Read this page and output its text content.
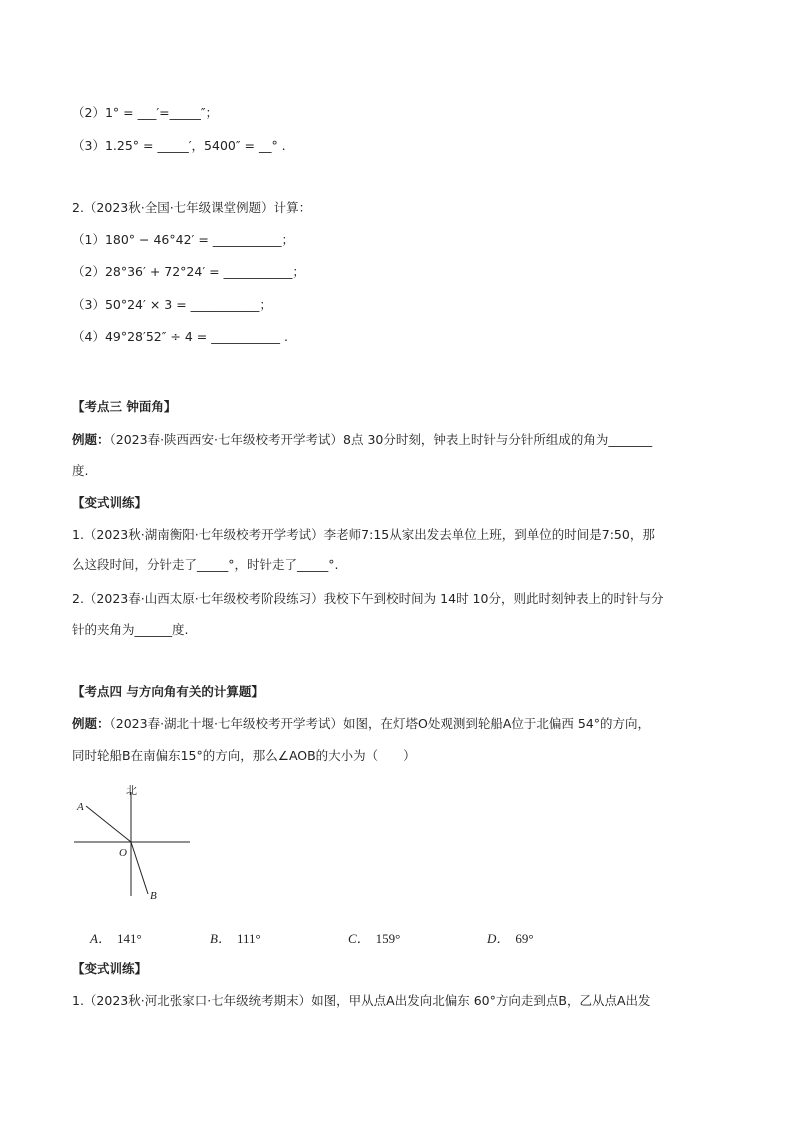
（2）1° = ___′=_____″；
（3）1.25° = _____′，5400″ = __° .
2.（2023秋·全国·七年级课堂例题）计算：
（1）180° − 46°42′ = ___________；
（2）28°36′ + 72°24′ = ___________；
（3）50°24′ × 3 = ___________；
（4）49°28′52″ ÷ 4 = ___________ .
【考点三 钟面角】
例题：（2023春·陕西西安·七年级校考开学考试）8点 30分时刻，钟表上时针与分针所组成的角为_______
度.
【变式训练】
1.（2023秋·湖南衡阳·七年级校考开学考试）李老师7:15从家出发去单位上班，到单位的时间是7:50，那
么这段时间，分针走了_____°，时针走了_____°.
2.（2023春·山西太原·七年级校考阶段练习）我校下午到校时间为 14时 10分，则此时刻钟表上的时针与分
针的夹角为______度.
【考点四 与方向角有关的计算题】
例题：（2023春·湖北十堰·七年级校考开学考试）如图，在灯塔O处观测到轮船A位于北偏西 54°的方向，
同时轮船B在南偏东15°的方向，那么∠AOB的大小为（　　）
北
A
O
B
A． 141°	B． 111°	C． 159°	D． 69°
【变式训练】
1.（2023秋·河北张家口·七年级统考期末）如图，甲从点A出发向北偏东 60°方向走到点B，乙从点A出发
